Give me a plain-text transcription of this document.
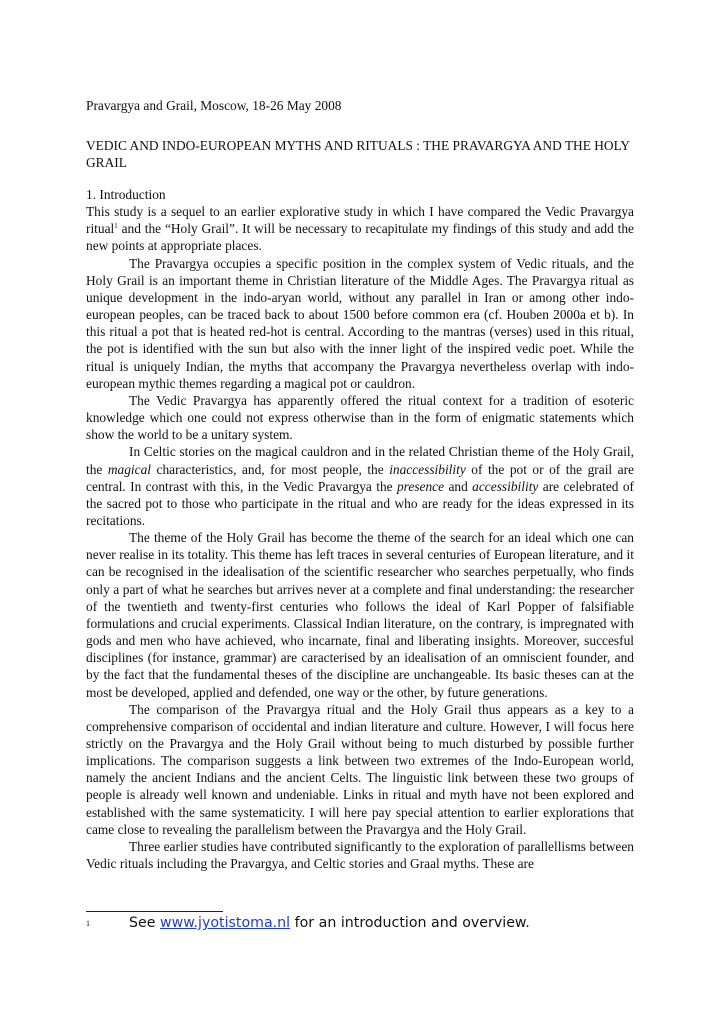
Pravargya and Grail, Moscow, 18-26 May 2008
VEDIC AND INDO-EUROPEAN MYTHS AND RITUALS : THE PRAVARGYA AND THE HOLY GRAIL
1. Introduction

This study is a sequel to an earlier explorative study in which I have compared the Vedic Pravargya ritual$^1$ and the “Holy Grail”. It will be necessary to recapitulate my findings of this study and add the new points at appropriate places.

The Pravargya occupies a specific position in the complex system of Vedic rituals, and the Holy Grail is an important theme in Christian literature of the Middle Ages. The Pravargya ritual as unique development in the indo-aryan world, without any parallel in Iran or among other indo-european peoples, can be traced back to about 1500 before common era (cf. Houben 2000a et b). In this ritual a pot that is heated red-hot is central. According to the mantras (verses) used in this ritual, the pot is identified with the sun but also with the inner light of the inspired vedic poet. While the ritual is uniquely Indian, the myths that accompany the Pravargya nevertheless overlap with indo-european mythic themes regarding a magical pot or cauldron.

The Vedic Pravargya has apparently offered the ritual context for a tradition of esoteric knowledge which one could not express otherwise than in the form of enigmatic statements which show the world to be a unitary system.

In Celtic stories on the magical cauldron and in the related Christian theme of the Holy Grail, the magical characteristics, and, for most people, the inaccessibility of the pot or of the grail are central. In contrast with this, in the Vedic Pravargya the presence and accessibility are celebrated of the sacred pot to those who participate in the ritual and who are ready for the ideas expressed in its recitations.

The theme of the Holy Grail has become the theme of the search for an ideal which one can never realise in its totality. This theme has left traces in several centuries of European literature, and it can be recognised in the idealisation of the scientific researcher who searches perpetually, who finds only a part of what he searches but arrives never at a complete and final understanding: the researcher of the twentieth and twenty-first centuries who follows the ideal of Karl Popper of falsifiable formulations and crucial experiments. Classical Indian literature, on the contrary, is impregnated with gods and men who have achieved, who incarnate, final and liberating insights. Moreover, succesful disciplines (for instance, grammar) are caracterised by an idealisation of an omniscient founder, and by the fact that the fundamental theses of the discipline are unchangeable. Its basic theses can at the most be developed, applied and defended, one way or the other, by future generations.

The comparison of the Pravargya ritual and the Holy Grail thus appears as a key to a comprehensive comparison of occidental and indian literature and culture. However, I will focus here strictly on the Pravargya and the Holy Grail without being to much disturbed by possible further implications. The comparison suggests a link between two extremes of the Indo-European world, namely the ancient Indians and the ancient Celts. The linguistic link between these two groups of people is already well known and undeniable. Links in ritual and myth have not been explored and established with the same systematicity. I will here pay special attention to earlier explorations that came close to revealing the parallelism between the Pravargya and the Holy Grail.

Three earlier studies have contributed significantly to the exploration of parallellisms between Vedic rituals including the Pravargya, and Celtic stories and Graal myths. These are

1	See www.jyotistoma.nl for an introduction and overview.
